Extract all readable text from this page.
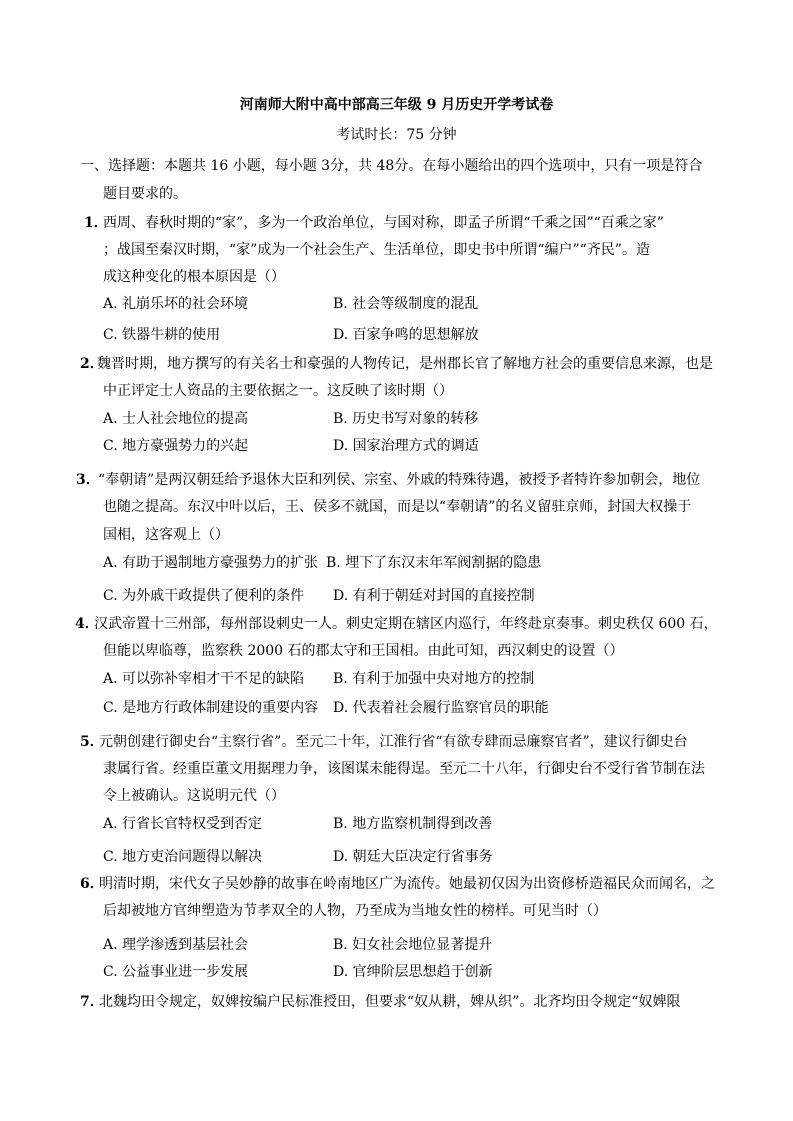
河南师大附中高中部高三年级 9 月历史开学考试卷
考试时长：75 分钟
一、选择题：本题共 16 小题，每小题 3分，共 48分。在每小题给出的四个选项中，只有一项是符合
题目要求的。
1．
西周、春秋时期的“家”，多为一个政治单位，与国对称，即孟子所谓“千乘之国”“百乘之家”
；战国至秦汉时期，“家”成为一个社会生产、生活单位，即史书中所谓“编户”“齐民”。造
成这种变化的根本原因是（）
A. 礼崩乐坏的社会环境	B. 社会等级制度的混乱
C. 铁器牛耕的使用	D. 百家争鸣的思想解放
2．
魏晋时期，地方撰写的有关名士和豪强的人物传记，是州郡长官了解地方社会的重要信息来源，也是
中正评定士人资品的主要依据之一。这反映了该时期（）
A. 士人社会地位的提高	B. 历史书写对象的转移
C. 地方豪强势力的兴起	D. 国家治理方式的调适
3．
“奉朝请”是两汉朝廷给予退休大臣和列侯、宗室、外戚的特殊待遇，被授予者特许参加朝会，地位
也随之提高。东汉中叶以后，王、侯多不就国，而是以“奉朝请”的名义留驻京师，封国大权操于
国相，这客观上（）
A. 有助于遏制地方豪强势力的扩张 B. 埋下了东汉末年军阀割据的隐患
C. 为外戚干政提供了便利的条件 D. 有利于朝廷对封国的直接控制
4．
汉武帝置十三州部，每州部设刺史一人。刺史定期在辖区内巡行，年终赴京奏事。刺史秩仅 600 石，
但能以卑临尊，监察秩 2000 石的郡太守和王国相。由此可知，西汉刺史的设置（）
A. 可以弥补宰相才干不足的缺陷 B. 有利于加强中央对地方的控制
C. 是地方行政体制建设的重要内容 D. 代表着社会履行监察官员的职能
5．
元朝创建行御史台“主察行省”。至元二十年，江淮行省“有欲专肆而忌廉察官者”，建议行御史台
隶属行省。经重臣董文用据理力争，该图谋未能得逞。至元二十八年，行御史台不受行省节制在法
令上被确认。这说明元代（）
A. 行省长官特权受到否定	B. 地方监察机制得到改善
C. 地方吏治问题得以解决	D. 朝廷大臣决定行省事务
6．
明清时期，宋代女子吴妙静的故事在岭南地区广为流传。她最初仅因为出资修桥造福民众而闻名，之
后却被地方官绅塑造为节孝双全的人物，乃至成为当地女性的榜样。可见当时（）
A. 理学渗透到基层社会	B. 妇女社会地位显著提升
C. 公益事业进一步发展	D. 官绅阶层思想趋于创新
7．
北魏均田令规定，奴婢按编户民标准授田，但要求“奴从耕，婢从织”。北齐均田令规定“奴婢限
